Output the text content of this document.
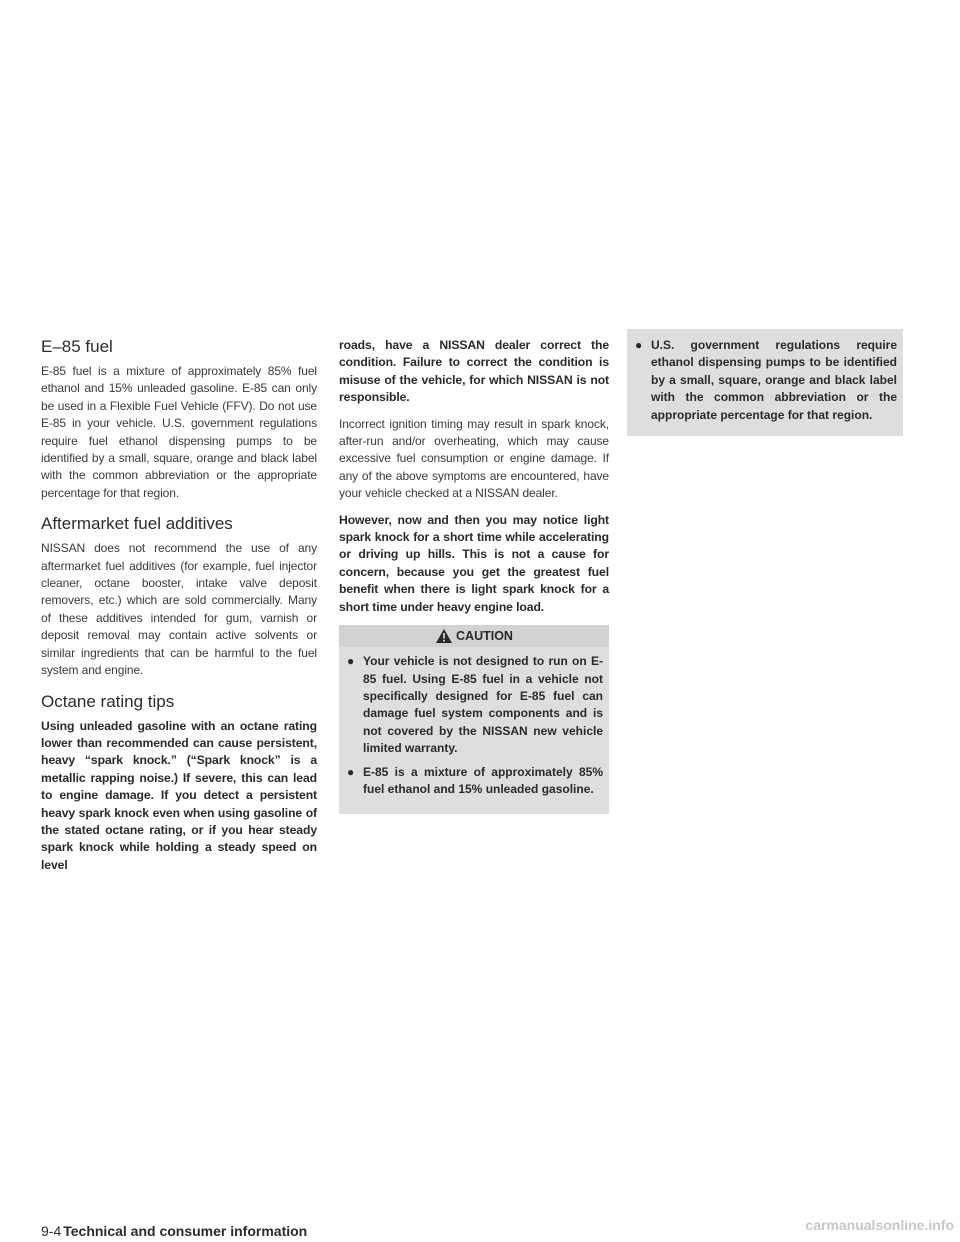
E–85 fuel

E-85 fuel is a mixture of approximately 85% fuel ethanol and 15% unleaded gasoline. E-85 can only be used in a Flexible Fuel Vehicle (FFV). Do not use E-85 in your vehicle. U.S. government regulations require fuel ethanol dispensing pumps to be identified by a small, square, orange and black label with the common abbreviation or the appropriate percentage for that region.

Aftermarket fuel additives

NISSAN does not recommend the use of any aftermarket fuel additives (for example, fuel injector cleaner, octane booster, intake valve deposit removers, etc.) which are sold commercially. Many of these additives intended for gum, varnish or deposit removal may contain active solvents or similar ingredients that can be harmful to the fuel system and engine.

Octane rating tips

Using unleaded gasoline with an octane rating lower than recommended can cause persistent, heavy “spark knock.” (“Spark knock” is a metallic rapping noise.) If severe, this can lead to engine damage. If you detect a persistent heavy spark knock even when using gasoline of the stated octane rating, or if you hear steady spark knock while holding a steady speed on level

9-4 Technical and consumer information

roads, have a NISSAN dealer correct the condition. Failure to correct the condition is misuse of the vehicle, for which NISSAN is not responsible.

Incorrect ignition timing may result in spark knock, after-run and/or overheating, which may cause excessive fuel consumption or engine damage. If any of the above symptoms are encountered, have your vehicle checked at a NISSAN dealer.

However, now and then you may notice light spark knock for a short time while accelerating or driving up hills. This is not a cause for concern, because you get the greatest fuel benefit when there is light spark knock for a short time under heavy engine load.

CAUTION
● Your vehicle is not designed to run on E-85 fuel. Using E-85 fuel in a vehicle not specifically designed for E-85 fuel can damage fuel system components and is not covered by the NISSAN new vehicle limited warranty.
● E-85 is a mixture of approximately 85% fuel ethanol and 15% unleaded gasoline.
● U.S. government regulations require ethanol dispensing pumps to be identified by a small, square, orange and black label with the common abbreviation or the appropriate percentage for that region.
carmanualsonline.info
